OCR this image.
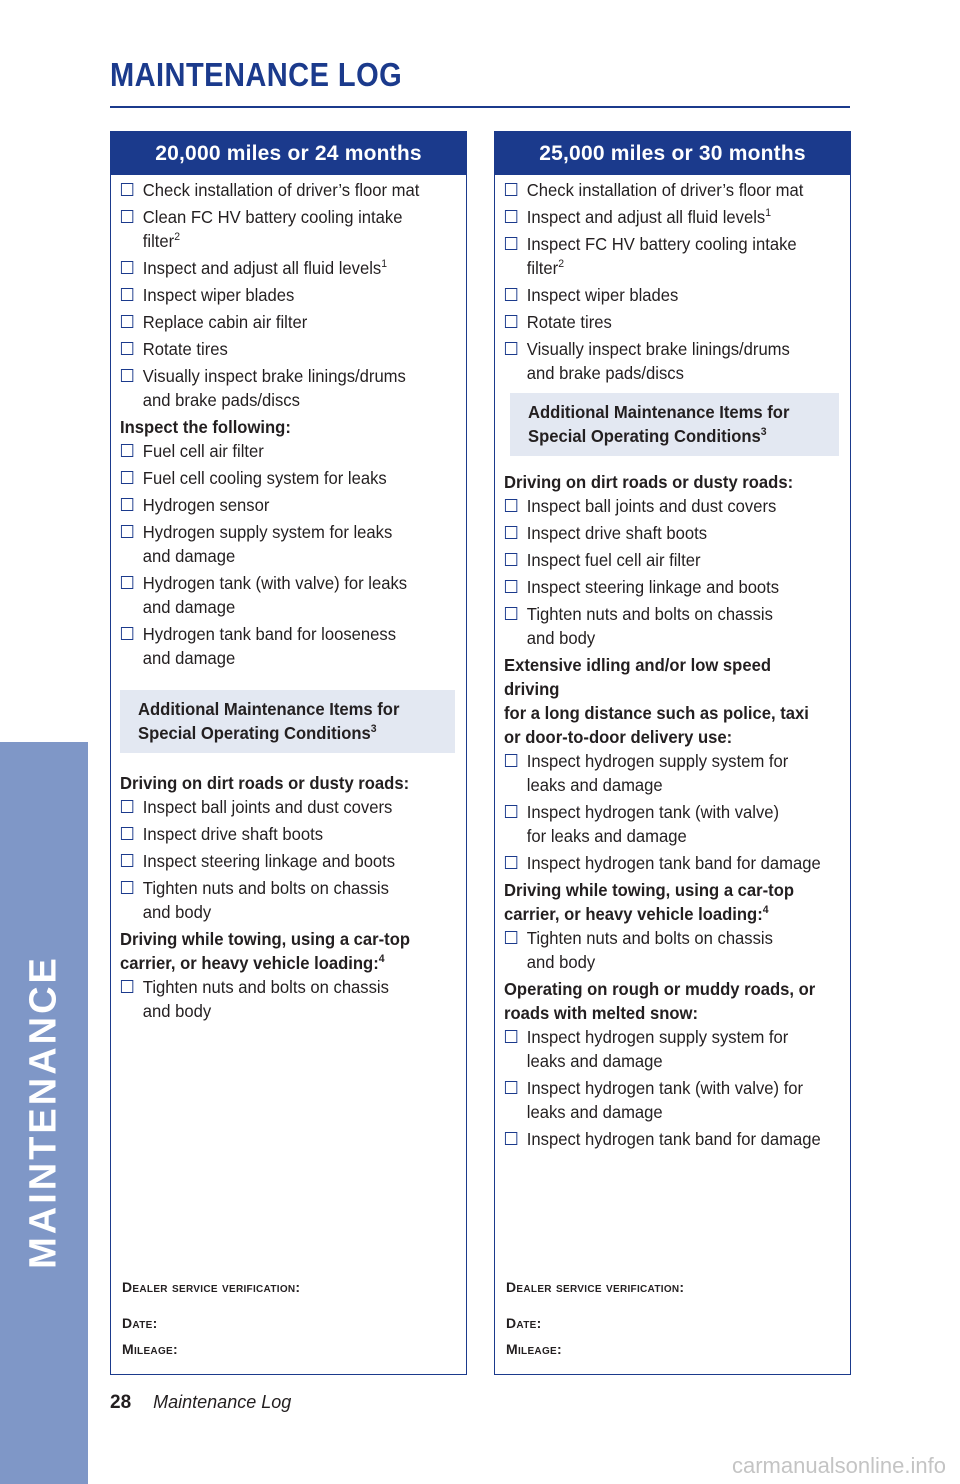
MAINTENANCE LOG
MAINTENANCE
20,000 miles or 24 months
Check installation of driver’s floor mat
Clean FC HV battery cooling intake filter$^2$
Inspect and adjust all fluid levels$^1$
Inspect wiper blades
Replace cabin air filter
Rotate tires
Visually inspect brake linings/drums
and brake pads/discs
Inspect the following:
Fuel cell air filter
Fuel cell cooling system for leaks
Hydrogen sensor
Hydrogen supply system for leaks
and damage
Hydrogen tank (with valve) for leaks
and damage
Hydrogen tank band for looseness
and damage
Additional Maintenance Items for
Special Operating Conditions$^3$
Driving on dirt roads or dusty roads:
Inspect ball joints and dust covers
Inspect drive shaft boots
Inspect steering linkage and boots
Tighten nuts and bolts on chassis
and body
Driving while towing, using a car-top
carrier, or heavy vehicle loading:$^4$
Tighten nuts and bolts on chassis
and body
Dealer service verification:
Date:
Mileage:
25,000 miles or 30 months
Check installation of driver’s floor mat
Inspect and adjust all fluid levels$^1$
Inspect FC HV battery cooling intake filter$^2$
Inspect wiper blades
Rotate tires
Visually inspect brake linings/drums
and brake pads/discs
Additional Maintenance Items for
Special Operating Conditions$^3$
Driving on dirt roads or dusty roads:
Inspect ball joints and dust covers
Inspect drive shaft boots
Inspect fuel cell air filter
Inspect steering linkage and boots
Tighten nuts and bolts on chassis
and body
Extensive idling and/or low speed driving
for a long distance such as police, taxi
or door-to-door delivery use:
Inspect hydrogen supply system for
leaks and damage
Inspect hydrogen tank (with valve)
for leaks and damage
Inspect hydrogen tank band for damage
Driving while towing, using a car-top
carrier, or heavy vehicle loading:$^4$
Tighten nuts and bolts on chassis
and body
Operating on rough or muddy roads, or
roads with melted snow:
Inspect hydrogen supply system for
leaks and damage
Inspect hydrogen tank (with valve) for
leaks and damage
Inspect hydrogen tank band for damage
Dealer service verification:
Date:
Mileage:
28 Maintenance Log
carmanualsonline.info
